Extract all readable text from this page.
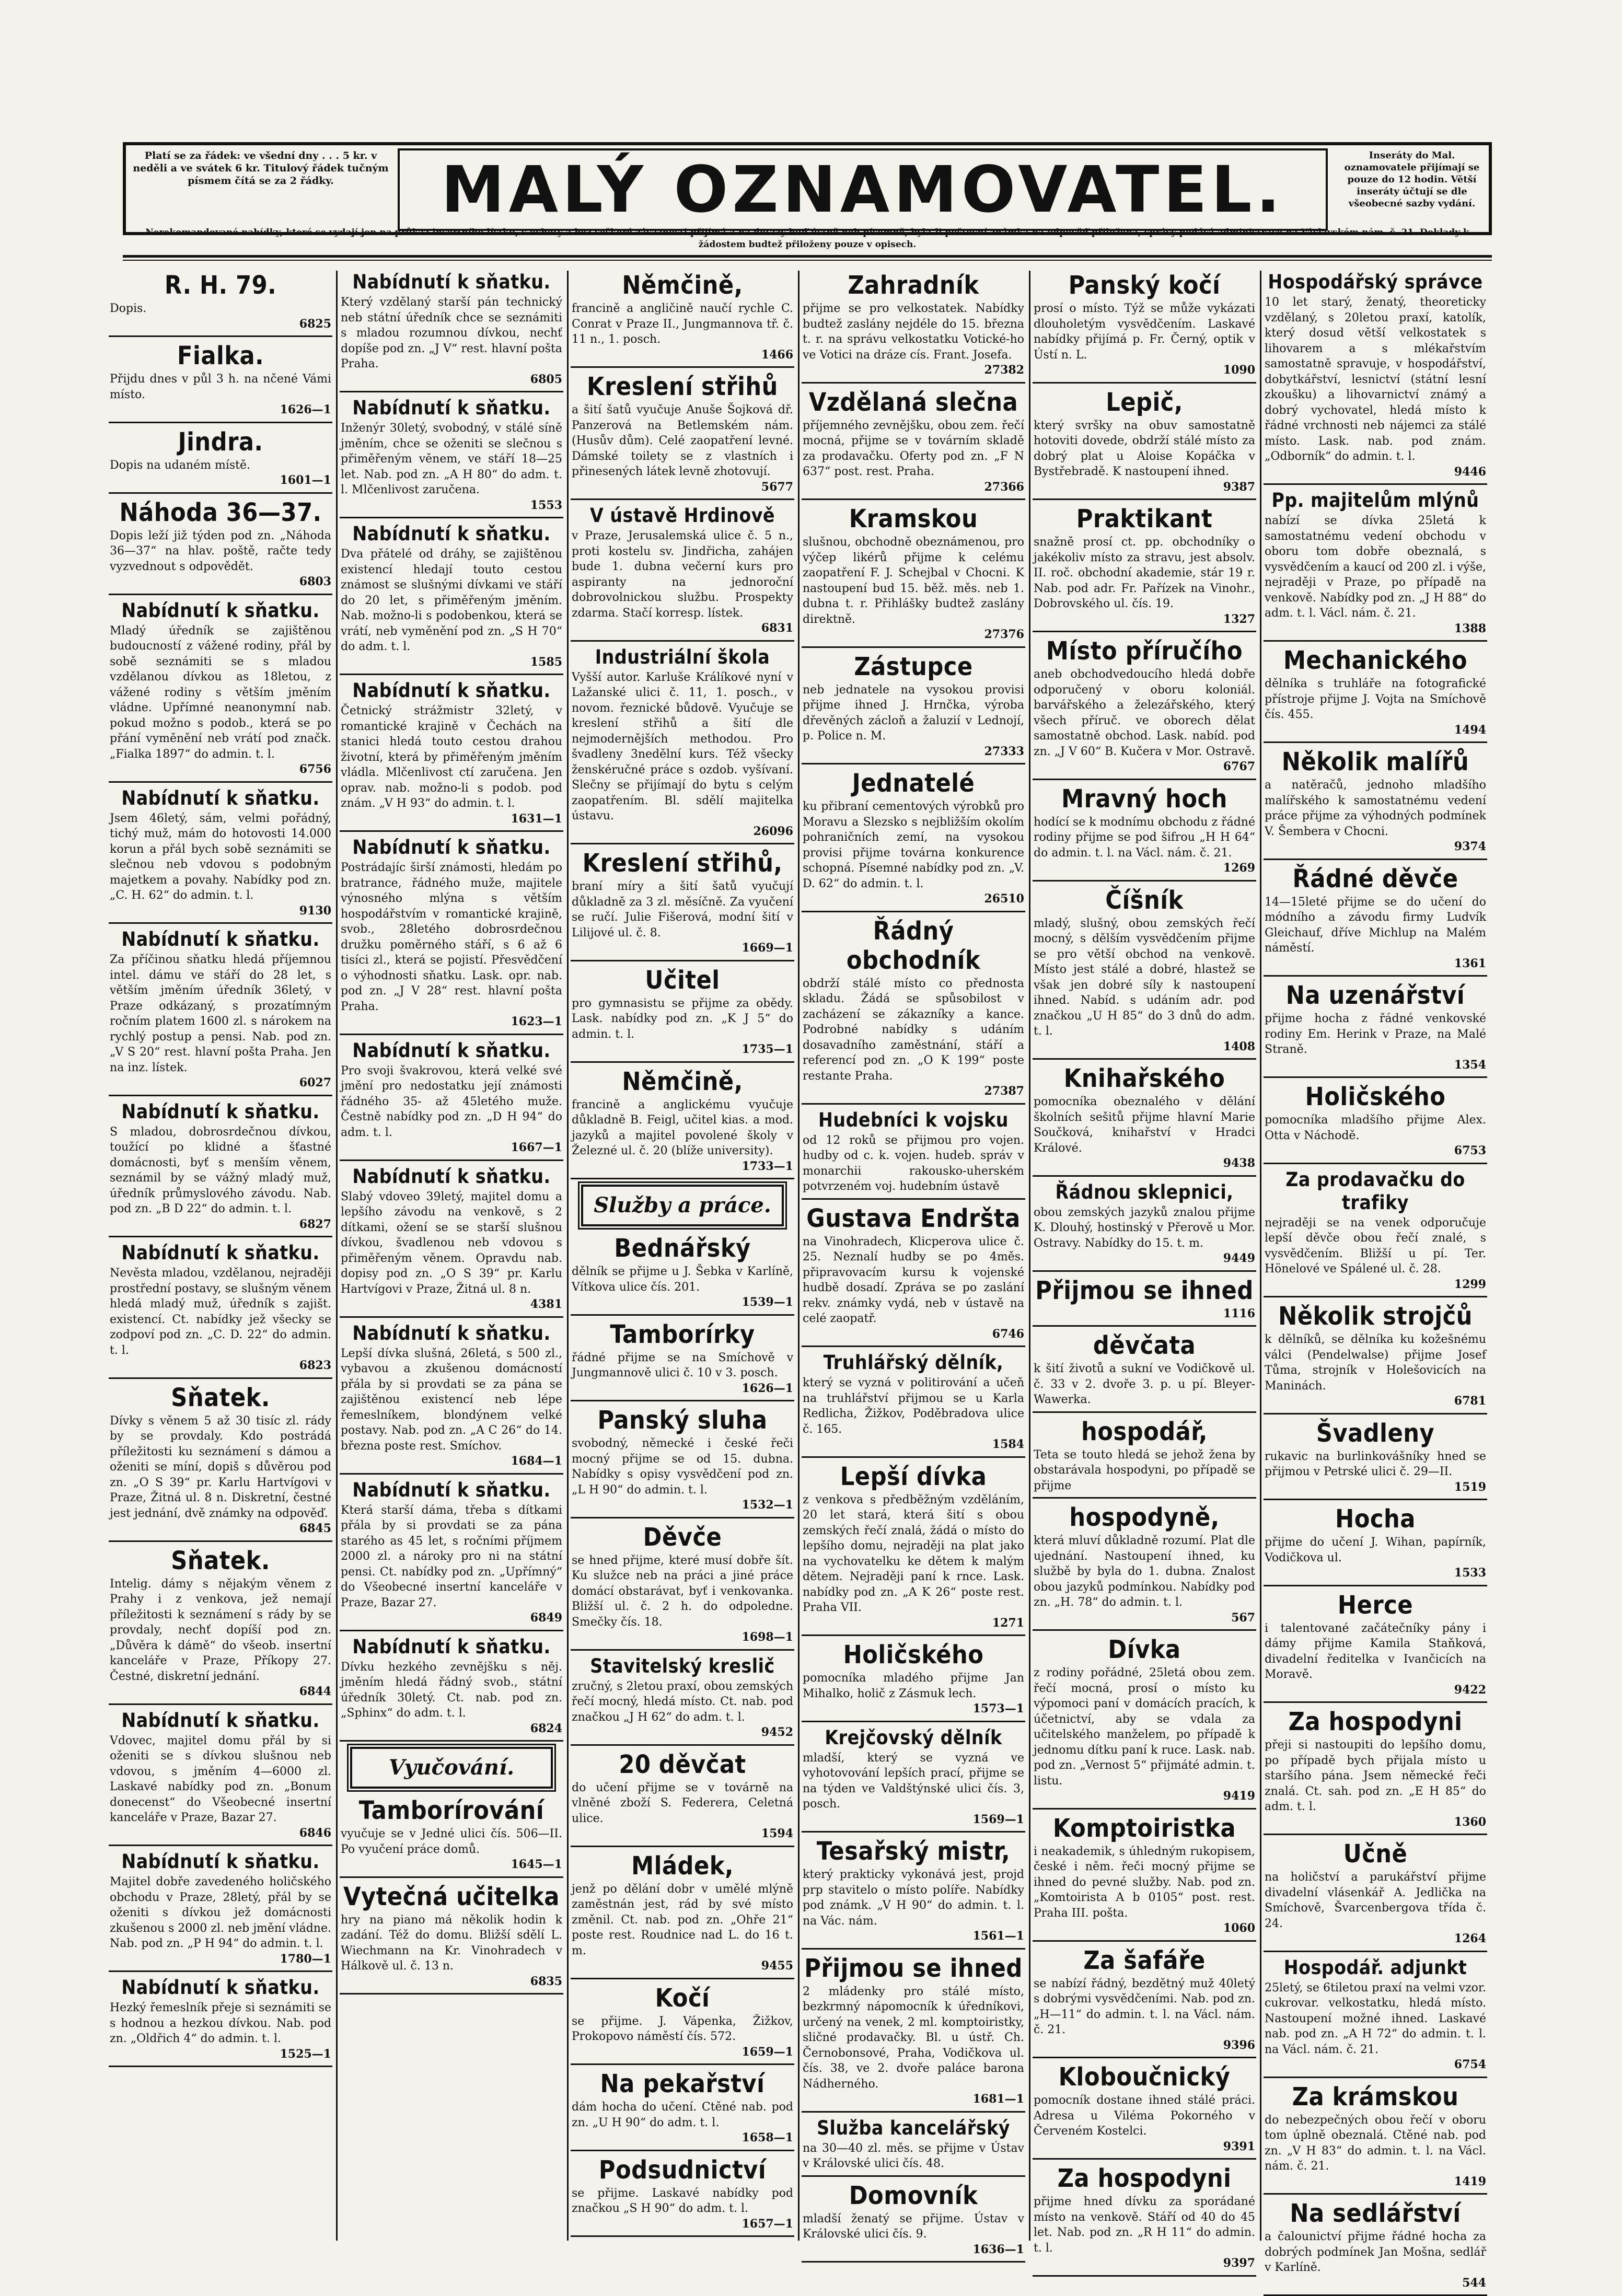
Platí se za řádek: ve všední dny . . . 5 kr. v neděli a ve svátek 6 kr. Titulový řádek tučným písmem čítá se za 2 řádky.	MALÝ OZNAMOVATEL.	Inseráty do Mal. oznamovatele přijímají se pouze do 12 hodin. Větší inseráty účtují se dle všeobecné sazby vydání.
Nerekomandované nabídky, které se vydají jen na průkaz insertního lístku, s ochoty a bez veškeré závaznosti přijímá a na dotazy buď ústně neb písemně, byla-li poštovní známka na odpověď přiložena, správy podává administrace na Václavském nám. č. 21. Doklady k žádostem budtež přiloženy pouze v opisech.
R. H. 79.

Dopis.

6825
Fialka.

Přijdu dnes v půl 3 h. na nčené Vámi místo.

1626—1
Jindra.

Dopis na udaném místě.

1601—1
Náhoda 36—37.

Dopis leží již týden pod zn. „Náhoda 36—37“ na hlav. poště, račte tedy vyzvednout s odpovědět.

6803
Nabídnutí k sňatku.

Mladý úředník se zajištěnou budoucností z vážené rodiny, přál by sobě seznámiti se s mladou vzdělanou dívkou as 18letou, z vážené rodiny s větším jměním vládne. Upřímné neanonymní nab. pokud možno s podob., která se po přání vyměnění neb vrátí pod značk. „Fialka 1897“ do admin. t. l.

6756
Nabídnutí k sňatku.

Jsem 46letý, sám, velmi pořádný, tichý muž, mám do hotovosti 14.000 korun a přál bych sobě seznámiti se slečnou neb vdovou s podobným majetkem a povahy. Nabídky pod zn. „C. H. 62“ do admin. t. l.

9130
Nabídnutí k sňatku.

Za příčinou sňatku hledá příjemnou intel. dámu ve stáří do 28 let, s větším jměním úředník 36letý, v Praze odkázaný, s prozatímným ročním platem 1600 zl. s nárokem na rychlý postup a pensi. Nab. pod zn. „V S 20“ rest. hlavní pošta Praha. Jen na inz. lístek.

6027
Nabídnutí k sňatku.

S mladou, dobrosrdečnou dívkou, toužící po klidné a šťastné domácnosti, byť s menším věnem, seznámil by se vážný mladý muž, úředník průmyslového závodu. Nab. pod zn. „B D 22“ do admin. t. l.

6827
Nabídnutí k sňatku.

Nevěsta mladou, vzdělanou, nejraději prostřední postavy, se slušným věnem hledá mladý muž, úředník s zajišt. existencí. Ct. nabídky jež všecky se zodpoví pod zn. „C. D. 22“ do admin. t. l.

6823
Sňatek.

Dívky s věnem 5 až 30 tisíc zl. rády by se provdaly. Kdo postrádá příležitosti ku seznámení s dámou a oženiti se míní, dopiš s důvěrou pod zn. „O S 39“ pr. Karlu Hartvígovi v Praze, Žitná ul. 8 n. Diskretní, čestné jest jednání, dvě známky na odpověď.

6845
Sňatek.

Intelig. dámy s nějakým věnem z Prahy i z venkova, jež nemají příležitosti k seznámení s rády by se provdaly, nechť dopíší pod zn. „Důvěra k dámě“ do všeob. insertní kanceláře v Praze, Příkopy 27. Čestné, diskretní jednání.

6844
Nabídnutí k sňatku.

Vdovec, majitel domu přál by si oženiti se s dívkou slušnou neb vdovou, s jměním 4—6000 zl. Laskavé nabídky pod zn. „Bonum donecenst“ do Všeobecné insertní kanceláře v Praze, Bazar 27.

6846
Nabídnutí k sňatku.

Majitel dobře zavedeného holičského obchodu v Praze, 28letý, přál by se oženiti s dívkou jež domácnosti zkušenou s 2000 zl. neb jmění vládne. Nab. pod zn. „P H 94“ do admin. t. l.

1780—1
Nabídnutí k sňatku.

Hezký řemeslník přeje si seznámiti se s hodnou a hezkou dívkou. Nab. pod zn. „Oldřich 4“ do admin. t. l.

1525—1
Nabídnutí k sňatku.

Který vzdělaný starší pán technický neb státní úředník chce se seznámiti s mladou rozumnou dívkou, nechť dopíše pod zn. „J V“ rest. hlavní pošta Praha.

6805
Nabídnutí k sňatku.

Inženýr 30letý, svobodný, v stálé síně jměním, chce se oženiti se slečnou s přiměřeným věnem, ve stáří 18—25 let. Nab. pod zn. „A H 80“ do adm. t. l. Mlčenlivost zaručena.

1553
Nabídnutí k sňatku.

Dva přátelé od dráhy, se zajištěnou existencí hledají touto cestou známost se slušnými dívkami ve stáří do 20 let, s přiměřeným jměním. Nab. možno-li s podobenkou, která se vrátí, neb vyměnění pod zn. „S H 70“ do adm. t. l.

1585
Nabídnutí k sňatku.

Četnický strážmistr 32letý, v romantické krajině v Čechách na stanici hledá touto cestou drahou životní, která by přiměřeným jměním vládla. Mlčenlivost ctí zaručena. Jen oprav. nab. možno-li s podob. pod znám. „V H 93“ do admin. t. l.

1631—1
Nabídnutí k sňatku.

Postrádajíc širší známosti, hledám po bratrance, řádného muže, majitele výnosného mlýna s větším hospodářstvím v romantické krajině, svob., 28letého dobrosrdečnou družku poměrného stáří, s 6 až 6 tisíci zl., která se pojistí. Přesvědčení o výhodnosti sňatku. Lask. opr. nab. pod zn. „J V 28“ rest. hlavní pošta Praha.

1623—1
Nabídnutí k sňatku.

Pro svoji švakrovou, která velké své jmění pro nedostatku její známosti řádného 35- až 45letého muže. Čestně nabídky pod zn. „D H 94“ do adm. t. l.

1667—1
Nabídnutí k sňatku.

Slabý vdoveo 39letý, majitel domu a lepšího závodu na venkově, s 2 dítkami, ožení se se starší slušnou dívkou, švadlenou neb vdovou s přiměřeným věnem. Opravdu nab. dopisy pod zn. „O S 39“ pr. Karlu Hartvígovi v Praze, Žitná ul. 8 n.

4381
Nabídnutí k sňatku.

Lepší dívka slušná, 26letá, s 500 zl., vybavou a zkušenou domácností přála by si provdati se za pána se zajištěnou existencí neb lépe řemeslníkem, blondýnem velké postavy. Nab. pod zn. „A C 26“ do 14. března poste rest. Smíchov.

1684—1
Nabídnutí k sňatku.

Která starší dáma, třeba s dítkami přála by si provdati se za pána starého as 45 let, s ročními příjmem 2000 zl. a nároky pro ni na státní pensi. Ct. nabídky pod zn. „Upřímný“ do Všeobecné insertní kanceláře v Praze, Bazar 27.

6849
Nabídnutí k sňatku.

Dívku hezkého zevnějšku s něj. jměním hledá řádný svob., státní úředník 30letý. Ct. nab. pod zn. „Sphinx“ do adm. t. l.

6824
Vyučování.
Tamborírování

vyučuje se v Jedné ulici čís. 506—II. Po vyučení práce domů.

1645—1
Vytečná učitelka

hry na piano má několik hodin k zadání. Též do domu. Bližší sdělí L. Wiechmann na Kr. Vinohradech v Hálkově ul. č. 13 n.

6835
Němčině,

francině a angličině naučí rychle C. Conrat v Praze II., Jungmannova tř. č. 11 n., 1. posch.

1466
Kreslení střihů

a šití šatů vyučuje Anuše Šojková dř. Panzerová na Betlemském nám. (Husův dům). Celé zaopatření levné. Dámské toilety se z vlastních i přinesených látek levně zhotovují.

5677
V ústavě Hrdinově

v Praze, Jerusalemská ulice č. 5 n., proti kostelu sv. Jindřicha, zahájen bude 1. dubna večerní kurs pro aspiranty na jednoroční dobrovolnickou službu. Prospekty zdarma. Stačí korresp. lístek.

6831
Industriální škola

Vyšší autor. Karluše Králíkové nyní v Lažanské ulici č. 11, 1. posch., v novom. řeznické bůdově. Vyučuje se kreslení střihů a šití dle nejmodernějších methodou. Pro švadleny 3nedělní kurs. Též všecky ženskéručné práce s ozdob. vyšívaní. Slečny se přijímají do bytu s celým zaopatřením. Bl. sdělí majitelka ústavu.

26096
Kreslení střihů,

braní míry a šití šatů vyučují důkladně za 3 zl. měsíčně. Za vyučení se ručí. Julie Fišerová, modní šití v Lilijové ul. č. 8.

1669—1
Učitel

pro gymnasistu se přijme za obědy. Lask. nabídky pod zn. „K J 5“ do admin. t. l.

1735—1
Němčině,

francině a anglickému vyučuje důkladně B. Feigl, učitel kias. a mod. jazyků a majitel povolené školy v Železné ul. č. 20 (blíže university).

1733—1
Služby a práce.
Bednářský

dělník se přijme u J. Šebka v Karlíně, Vítkova ulice čís. 201.

1539—1
Tamborírky

řádné přijme se na Smíchově v Jungmannově ulici č. 10 v 3. posch.

1626—1
Panský sluha

svobodný, německé i české řeči mocný přijme se od 15. dubna. Nabídky s opisy vysvědčení pod zn. „L H 90“ do admin. t. l.

1532—1
Děvče

se hned přijme, které musí dobře šít. Ku služce neb na práci a jiné práce domácí obstarávat, byť i venkovanka. Bližší ul. č. 2 h. do odpoledne. Smečky čís. 18.

1698—1
Stavitelský kreslič

zručný, s 2letou praxí, obou zemských řečí mocný, hledá místo. Ct. nab. pod značkou „J H 62“ do adm. t. l.

9452
20 děvčat

do učení přijme se v továrně na vlněné zboží S. Federera, Celetná ulice.

1594
Mládek,

jenž po dělání dobr v umělé mlýně zaměstnán jest, rád by své místo změnil. Ct. nab. pod zn. „Ohře 21“ poste rest. Roudnice nad L. do 16 t. m.

9455
Kočí

se přijme. J. Vápenka, Žižkov, Prokopovo náměstí čís. 572.

1659—1
Na pekařství

dám hocha do učení. Ctěné nab. pod zn. „U H 90“ do adm. t. l.

1658—1
Podsudnictví

se přijme. Laskavé nabídky pod značkou „S H 90“ do adm. t. l.

1657—1
Zahradník

přijme se pro velkostatek. Nabídky budtež zaslány nejdéle do 15. března t. r. na správu velkostatku Votické-ho ve Votici na dráze cís. Frant. Josefa.

27382
Vzdělaná slečna

příjemného zevnějšku, obou zem. řečí mocná, přijme se v továrním skladě za prodavačku. Oferty pod zn. „F N 637“ post. rest. Praha.

27366
Kramskou

slušnou, obchodně obeznámenou, pro výčep likérů přijme k celému zaopatření F. J. Schejbal v Chocni. K nastoupení bud 15. běž. měs. neb 1. dubna t. r. Přihlášky budtež zaslány direktně.

27376
Zástupce

neb jednatele na vysokou provisi přijme ihned J. Hrnčka, výroba dřevěných zácloň a žaluzií v Lednojí, p. Police n. M.

27333
Jednatelé

ku přibraní cementových výrobků pro Moravu a Slezsko s nejbližším okolím pohraničních zemí, na vysokou provisi přijme továrna konkurence schopná. Písemné nabídky pod zn. „V. D. 62“ do admin. t. l.

26510
Řádný obchodník

obdrží stálé místo co přednosta skladu. Žádá se spůsobilost v zacházení se zákazníky a kance. Podrobné nabídky s udáním dosavadního zaměstnání, stáří a referencí pod zn. „O K 199“ poste restante Praha.

27387
Hudebníci k vojsku

od 12 roků se přijmou pro vojen. hudby od c. k. vojen. hudeb. správ v monarchii rakousko-uherském potvrzeném voj. hudebním ústavě

Gustava Endršta

na Vinohradech, Klicperova ulice č. 25. Neznalí hudby se po 4měs. připravovacím kursu k vojenské hudbě dosadí. Zpráva se po zaslání rekv. známky vydá, neb v ústavě na celé zaopatř.

6746
Truhlářský dělník,

který se vyzná v politirování a učeň na truhlářství přijmou se u Karla Redlicha, Žižkov, Poděbradova ulice č. 165.

1584
Lepší dívka

z venkova s předběžným vzděláním, 20 let stará, která šití s obou zemských řečí znalá, žádá o místo do lepšího domu, nejraději na plat jako na vychovatelku ke dětem k malým dětem. Nejraději paní k rnce. Lask. nabídky pod zn. „A K 26“ poste rest. Praha VII.

1271
Holičského

pomocníka mladého přijme Jan Mihalko, holič z Zásmuk lech.

1573—1
Krejčovský dělník

mladší, který se vyzná ve vyhotovování lepších prací, přijme se na týden ve Valdštýnské ulici čís. 3, posch.

1569—1
Tesařský mistr,

který prakticky vykonává jest, projd prp stavitelo o místo políře. Nabídky pod známk. „V H 90“ do admin. t. l. na Vác. nám.

1561—1
Přijmou se ihned

2 mládenky pro stálé místo, bezkrmný nápomocník k úředníkovi, určený na venek, 2 ml. komptoiristky, sličné prodavačky. Bl. u ústř. Ch. Černobonsové, Praha, Vodičkova ul. čís. 38, ve 2. dvoře paláce barona Nádherného.

1681—1
Služba kancelářský

na 30—40 zl. měs. se přijme v Ústav v Královské ulici čís. 48.

Domovník

mladší ženatý se přijme. Ústav v Královské ulici čís. 9.

1636—1
Panský kočí

prosí o místo. Týž se může vykázati dlouholetým vysvědčením. Laskavé nabídky přijímá p. Fr. Černý, optik v Ústí n. L.

1090
Lepič,

který svršky na obuv samostatně hotoviti dovede, obdrží stálé místo za dobrý plat u Aloise Kopáčka v Bystřebradě. K nastoupení ihned.

9387
Praktikant

snažně prosí ct. pp. obchodníky o jakékoliv místo za stravu, jest absolv. II. roč. obchodní akademie, stár 19 r. Nab. pod adr. Fr. Pařízek na Vinohr., Dobrovského ul. čís. 19.

1327
Místo příručího

aneb obchodvedoucího hledá dobře odporučený v oboru koloniál. barvářského a železářského, který všech příruč. ve oborech dělat samostatně obchod. Lask. nabíd. pod zn. „J V 60“ B. Kučera v Mor. Ostravě.

6767
Mravný hoch

hodící se k modnímu obchodu z řádné rodiny přijme se pod šifrou „H H 64“ do admin. t. l. na Václ. nám. č. 21.

1269
Číšník

mladý, slušný, obou zemských řečí mocný, s dělším vysvědčením přijme se pro větší obchod na venkově. Místo jest stálé a dobré, hlastež se však jen dobré síly k nastoupení ihned. Nabíd. s udáním adr. pod značkou „U H 85“ do 3 dnů do adm. t. l.

1408
Knihařského

pomocníka obeznalého v dělání školních sešitů přijme hlavní Marie Součková, knihařství v Hradci Králové.

9438
Řádnou sklepnici,

obou zemských jazyků znalou přijme K. Dlouhý, hostinský v Přerově u Mor. Ostravy. Nabídky do 15. t. m.

9449
Přijmou se ihned

1116
děvčata

k šití životů a sukní ve Vodičkově ul. č. 33 v 2. dvoře 3. p. u pí. Bleyer-Wawerka.

hospodář,

Teta se touto hledá se jehož žena by obstarávala hospodyni, po případě se přijme

hospodyně,

která mluví důkladně rozumí. Plat dle ujednání. Nastoupení ihned, ku službě by byla do 1. dubna. Znalost obou jazyků podmínkou. Nabídky pod zn. „H. 78“ do admin. t. l.

567
Dívka

z rodiny pořádné, 25letá obou zem. řečí mocná, prosí o místo ku výpomoci paní v domácích pracích, k účetnictví, aby se vdala za učitelského manželem, po případě k jednomu dítku paní k ruce. Lask. nab. pod zn. „Vernost 5“ přijmáté admin. t. listu.

9419
Komptoiristka

i neakademik, s úhledným rukopisem, české i něm. řeči mocný přijme se ihned do pevné služby. Nab. pod zn. „Komtoirista A b 0105“ post. rest. Praha III. pošta.

1060
Za šafáře

se nabízí řádný, bezdětný muž 40letý s dobrými vysvědčeními. Nab. pod zn. „H—11“ do admin. t. l. na Václ. nám. č. 21.

9396
Kloboučnický

pomocník dostane ihned stálé práci. Adresa u Viléma Pokorného v Červeném Kostelci.

9391
Za hospodyni

přijme hned dívku za sporádané místo na venkově. Stáří od 40 do 45 let. Nab. pod zn. „R H 11“ do admin. t. l.

9397
Hospodářský správce

10 let starý, ženatý, theoreticky vzdělaný, s 20letou praxí, katolík, který dosud větší velkostatek s lihovarem a s mlékařstvím samostatně spravuje, v hospodářství, dobytkářství, lesnictví (státní lesní zkoušku) a lihovarnictví známý a dobrý vychovatel, hledá místo k řádné vrchnosti neb nájemci za stálé místo. Lask. nab. pod znám. „Odborník“ do admin. t. l.

9446
Pp. majitelům mlýnů

nabízí se dívka 25letá k samostatnému vedení obchodu v oboru tom dobře obeznalá, s vysvědčením a kaucí od 200 zl. i výše, nejraději v Praze, po případě na venkově. Nabídky pod zn. „J H 88“ do adm. t. l. Václ. nám. č. 21.

1388
Mechanického

dělníka s truhláře na fotografické přístroje přijme J. Vojta na Smíchově čís. 455.

1494
Několik malířů

a natěračů, jednoho mladšího malířského k samostatnému vedení práce přijme za výhodných podmínek V. Šembera v Chocni.

9374
Řádné děvče

14—15leté přijme se do učení do módního a závodu firmy Ludvík Gleichauf, dříve Michlup na Malém náměstí.

1361
Na uzenářství

přijme hocha z řádné venkovské rodiny Em. Herink v Praze, na Malé Straně.

1354
Holičského

pomocníka mladšího přijme Alex. Otta v Náchodě.

6753
Za prodavačku do trafiky

nejraději se na venek odporučuje lepší děvče obou řečí znalé, s vysvědčením. Bližší u pí. Ter. Hönelové ve Spálené ul. č. 28.

1299
Několik strojčů

k dělníků, se dělníka ku kožešnému válci (Pendelwalse) přijme Josef Tůma, strojník v Holešovicích na Maninách.

6781
Švadleny

rukavic na burlinkovášníky hned se přijmou v Petrské ulici č. 29—II.

1519
Hocha

přijme do učení J. Wihan, papírník, Vodičkova ul.

1533
Herce

i talentované začátečníky pány i dámy přijme Kamila Staňková, divadelní ředitelka v Ivančicích na Moravě.

9422
Za hospodyni

přeji si nastoupiti do lepšího domu, po případě bych přijala místo u staršího pána. Jsem německé řeči znalá. Ct. sah. pod zn. „E H 85“ do adm. t. l.

1360
Učně

na holičství a parukářství přijme divadelní vlásenkář A. Jedlička na Smíchově, Švarcenbergova třída č. 24.

1264
Hospodář. adjunkt

25letý, se 6tiletou praxí na velmi vzor. cukrovar. velkostatku, hledá místo. Nastoupení možné ihned. Laskavé nab. pod zn. „A H 72“ do admin. t. l. na Václ. nám. č. 21.

6754
Za krámskou

do nebezpečných obou řečí v oboru tom úplně obeznalá. Ctěné nab. pod zn. „V H 83“ do admin. t. l. na Václ. nám. č. 21.

1419
Na sedlářství

a čalounictví přijme řádné hocha za dobrých podmínek Jan Mošna, sedlář v Karlíně.

544
